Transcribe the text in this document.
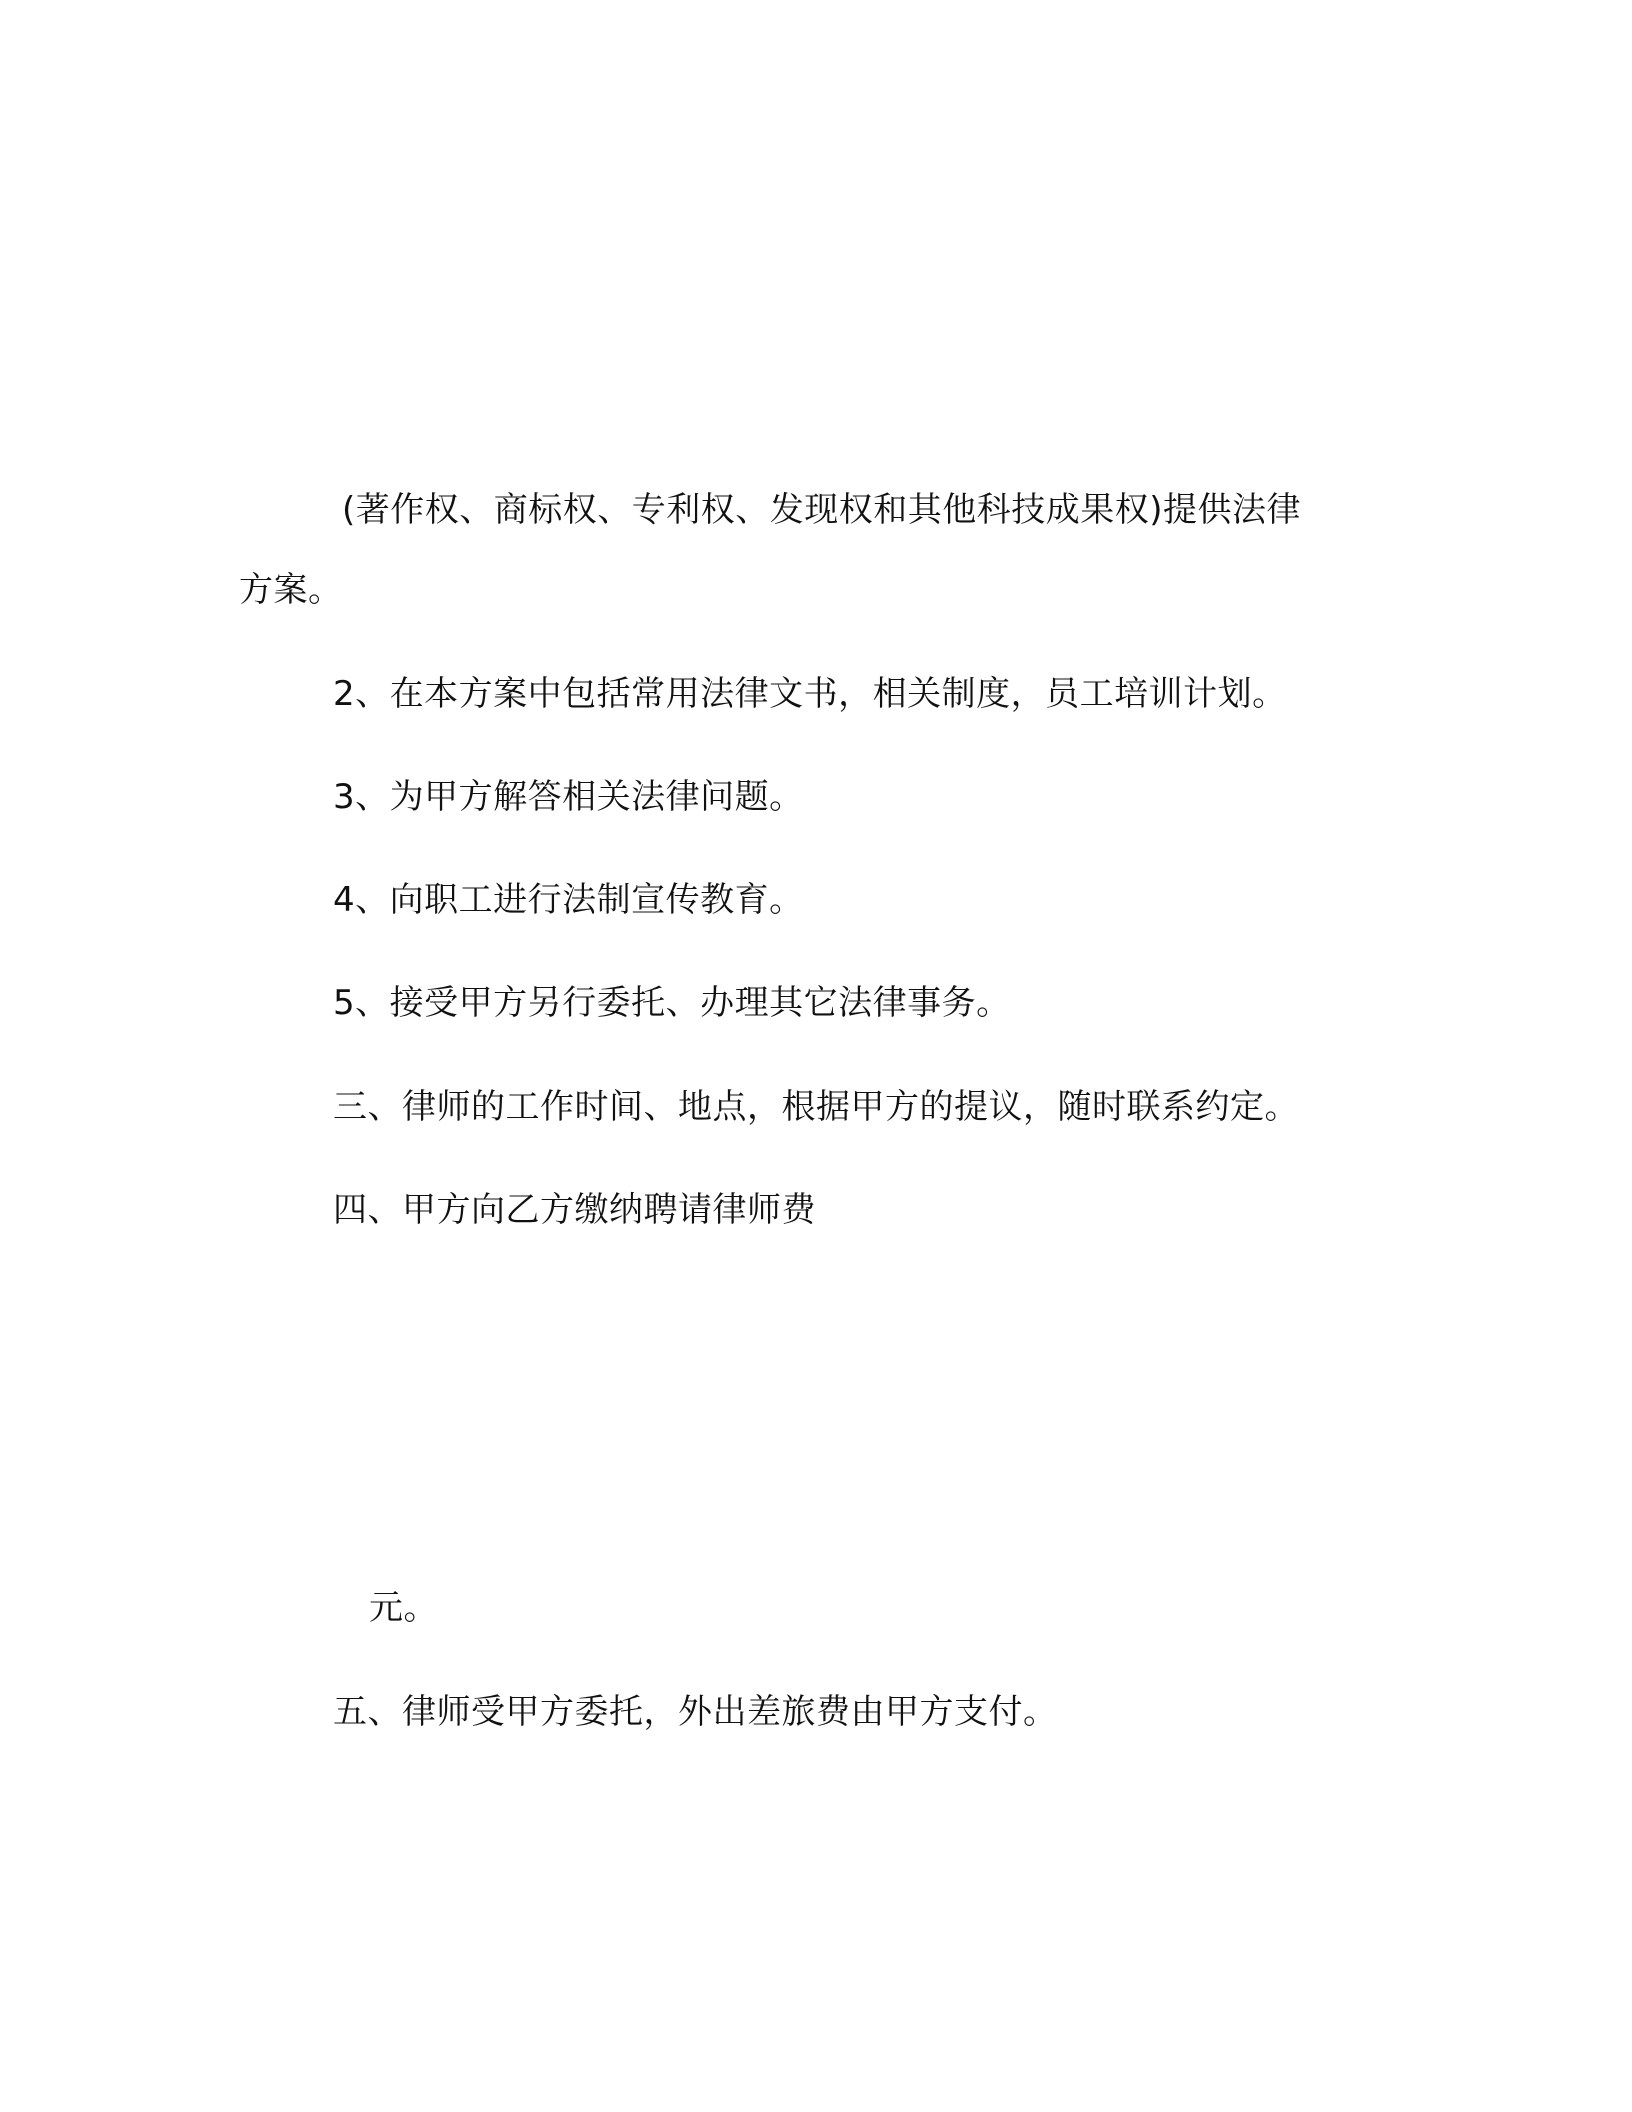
(著作权、商标权、专利权、发现权和其他科技成果权)提供法律
方案。
2、在本方案中包括常用法律文书，相关制度，员工培训计划。
3、为甲方解答相关法律问题。
4、向职工进行法制宣传教育。
5、接受甲方另行委托、办理其它法律事务。
三、律师的工作时间、地点，根据甲方的提议，随时联系约定。
四、甲方向乙方缴纳聘请律师费
元。
五、律师受甲方委托，外出差旅费由甲方支付。
